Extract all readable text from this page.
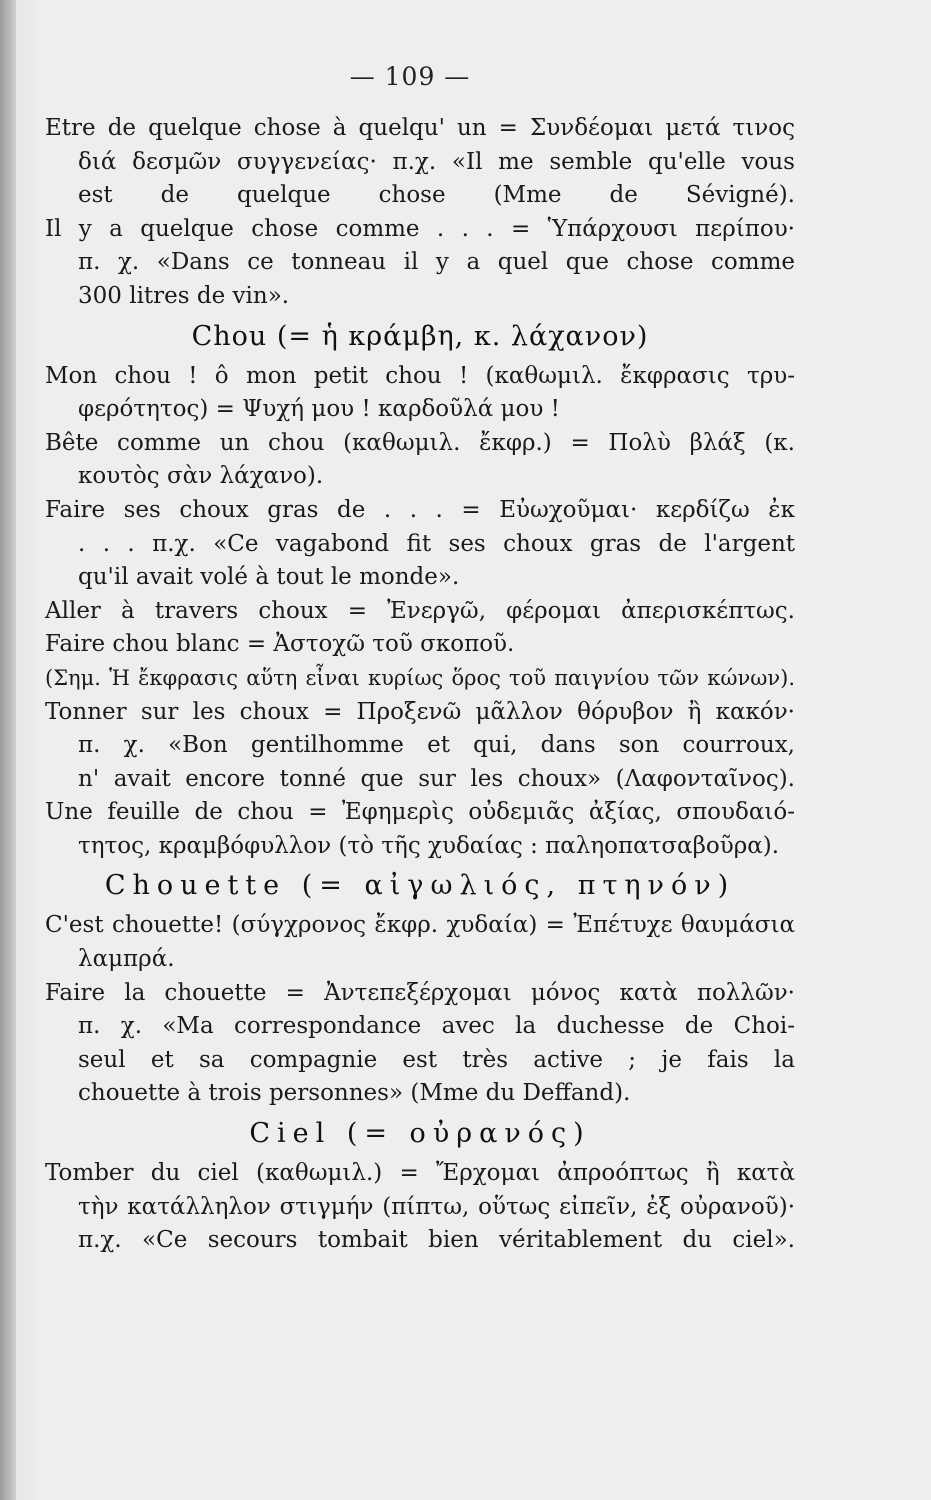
— 109 —
Etre de quelque chose à quelqu' un = Συνδέομαι μετά τινος
διά δεσμῶν συγγενείας· π.χ. «Il me semble qu'elle vous
est de quelque chose (Mme de Sévigné).
Il y a quelque chose comme . . . = Ὑπάρχουσι περίπου·
π. χ. «Dans ce tonneau il y a quel que chose comme
300 litres de vin».
Chou (= ἡ κράμβη, κ. λάχανον)
Mon chou ! ô mon petit chou ! (καθωμιλ. ἔκφρασις τρυ-
φερότητος) = Ψυχή μου ! καρδοῦλά μου !
Bête comme un chou (καθωμιλ. ἔκφρ.) = Πολὺ βλάξ (κ.
κουτὸς σὰν λάχανο).
Faire ses choux gras de . . . = Εὐωχοῦμαι· κερδίζω ἐκ
. . . π.χ. «Ce vagabond fit ses choux gras de l'argent
qu'il avait volé à tout le monde».
Aller à travers choux = Ἐνεργῶ, φέρομαι ἀπερισκέπτως.
Faire chou blanc = Ἀστοχῶ τοῦ σκοποῦ.
(Σημ. Ἡ ἔκφρασις αὕτη εἶναι κυρίως ὅρος τοῦ παιγνίου τῶν κώνων).
Tonner sur les choux = Προξενῶ μᾶλλον θόρυβον ἢ κακόν·
π. χ. «Bon gentilhomme et qui, dans son courroux,
n' avait encore tonné que sur les choux» (Λαφονταῖνος).
Une feuille de chou = Ἐφημερὶς οὐδεμιᾶς ἀξίας, σπουδαιό-
τητος, κραμβόφυλλον (τὸ τῆς χυδαίας : παληοπατσαβοῦρα).
Chouette (= αἰγωλιός, πτηνόν)
C'est chouette! (σύγχρονος ἔκφρ. χυδαία) = Ἐπέτυχε θαυμάσια
λαμπρά.
Faire la chouette = Ἀντεπεξέρχομαι μόνος κατὰ πολλῶν·
π. χ. «Ma correspondance avec la duchesse de Choi-
seul et sa compagnie est très active ; je fais la
chouette à trois personnes» (Mme du Deffand).
Ciel (= οὐρανός)
Tomber du ciel (καθωμιλ.) = Ἔρχομαι ἀπροόπτως ἢ κατὰ
τὴν κατάλληλον στιγμήν (πίπτω, οὕτως εἰπεῖν, ἐξ οὐρανοῦ)·
π.χ. «Ce secours tombait bien véritablement du ciel».
